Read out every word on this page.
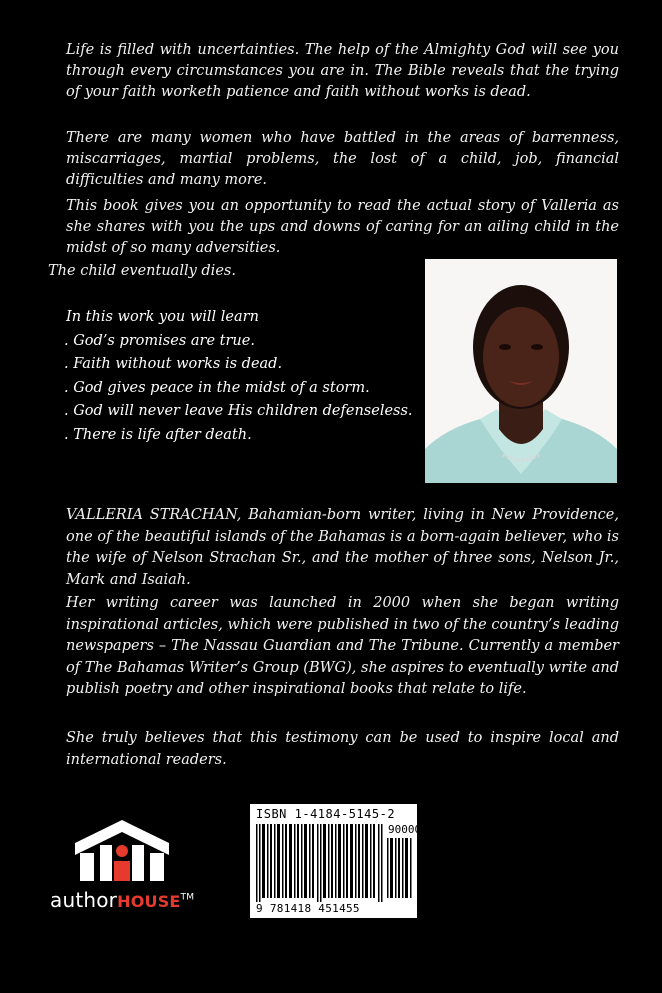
Life is filled with uncertainties. The help of the Almighty God will see you through every circumstances you are in. The Bible reveals that the trying of your faith worketh patience and faith without works is dead.

There are many women who have battled in the areas of barrenness, miscarriages, martial problems, the lost of a child, job, financial difficulties and many more.

This book gives you an opportunity to read the actual story of Valleria as she shares with you the ups and downs of caring for an ailing child in the midst of so many adversities.

The child eventually dies.

In this work you will learn
. God’s promises are true.
. Faith without works is dead.
. God gives peace in the midst of a storm.
. God will never leave His children defenseless.
. There is life after death.

VALLERIA STRACHAN, Bahamian-born writer, living in New Providence, one of the beautiful islands of the Bahamas is a born-again believer, who is the wife of Nelson Strachan Sr., and the mother of three sons, Nelson Jr., Mark and Isaiah.

Her writing career was launched in 2000 when she began writing inspirational articles, which were published in two of the country’s leading newspapers – The Nassau Guardian and The Tribune. Currently a member of The Bahamas Writer’s Group (BWG), she aspires to eventually write and publish poetry and other inspirational books that relate to life.

She truly believes that this testimony can be used to inspire local and international readers.

authorHOUSE™
ISBN 1-4184-5145-2
90000
9 781418 451455
